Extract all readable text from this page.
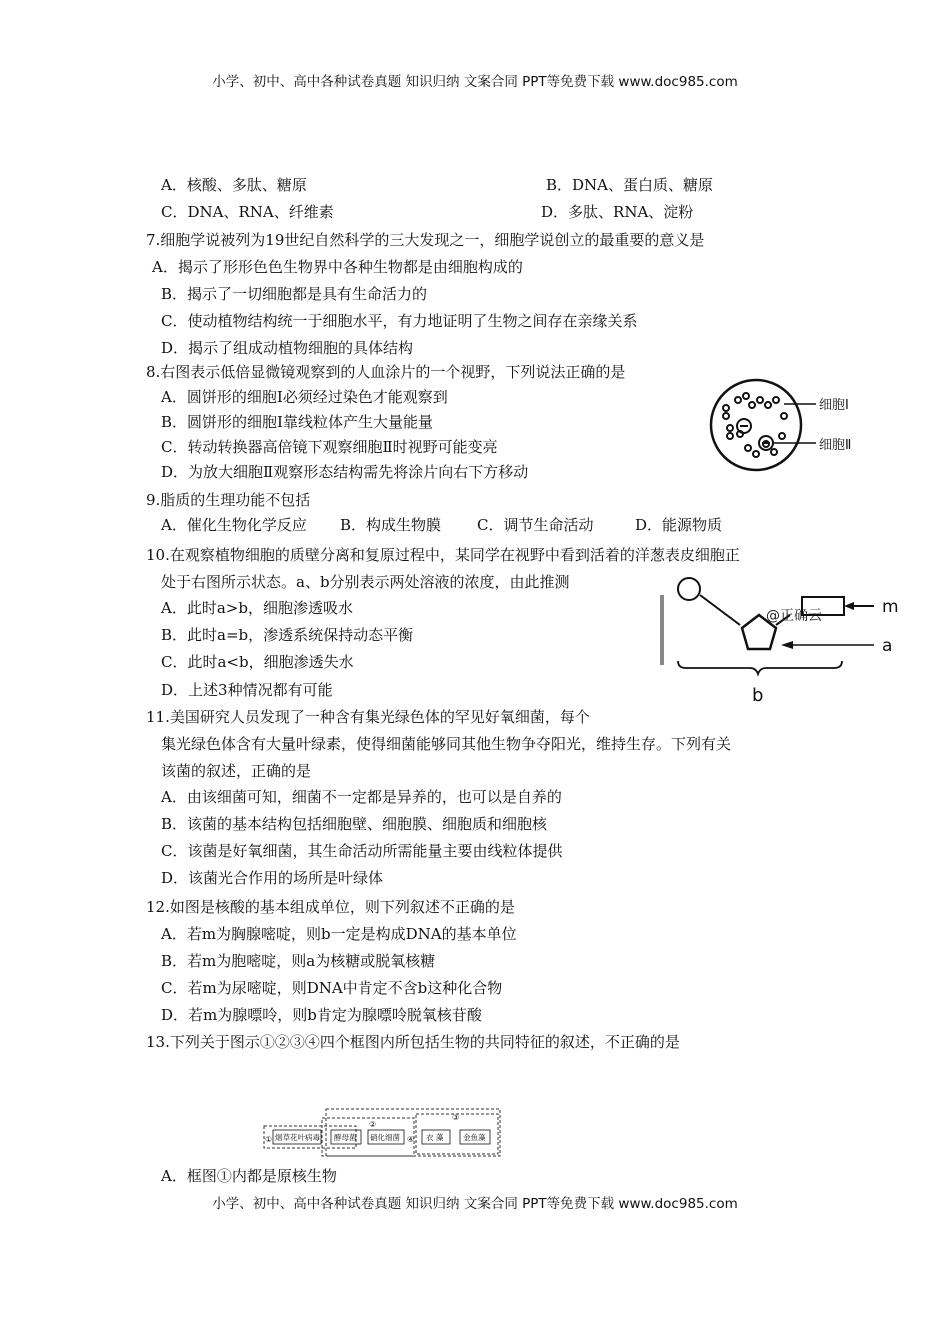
小学、初中、高中各种试卷真题 知识归纳 文案合同 PPT等免费下载 www.doc985.com
A．核酸、多肽、糖原	B．DNA、蛋白质、糖原
C．DNA、RNA、纤维素	D．多肽、RNA、淀粉
7.细胞学说被列为19世纪自然科学的三大发现之一，细胞学说创立的最重要的意义是
A．揭示了形形色色生物界中各种生物都是由细胞构成的
B．揭示了一切细胞都是具有生命活力的
C．使动植物结构统一于细胞水平，有力地证明了生物之间存在亲缘关系
D．揭示了组成动植物细胞的具体结构
8.右图表示低倍显微镜观察到的人血涂片的一个视野，下列说法正确的是
A．圆饼形的细胞Ⅰ必须经过染色才能观察到
B．圆饼形的细胞Ⅰ靠线粒体产生大量能量
C．转动转换器高倍镜下观察细胞Ⅱ时视野可能变亮
D．为放大细胞Ⅱ观察形态结构需先将涂片向右下方移动
细胞Ⅰ
细胞Ⅱ
9.脂质的生理功能不包括
A．催化生物化学反应 B．构成生物膜 C．调节生命活动	D．能源物质
10.在观察植物细胞的质壁分离和复原过程中，某同学在视野中看到活着的洋葱表皮细胞正
处于右图所示状态。a、b分别表示两处溶液的浓度，由此推测
A．此时a>b，细胞渗透吸水
B．此时a=b，渗透系统保持动态平衡
C．此时a<b，细胞渗透失水
D．上述3种情况都有可能
@正确云	m
a
b
11.美国研究人员发现了一种含有集光绿色体的罕见好氧细菌，每个
集光绿色体含有大量叶绿素，使得细菌能够同其他生物争夺阳光，维持生存。下列有关
该菌的叙述，正确的是
A．由该细菌可知，细菌不一定都是异养的，也可以是自养的
B．该菌的基本结构包括细胞壁、细胞膜、细胞质和细胞核
C．该菌是好氧细菌，其生命活动所需能量主要由线粒体提供
D．该菌光合作用的场所是叶绿体
12.如图是核酸的基本组成单位，则下列叙述不正确的是
A．若m为胸腺嘧啶，则b一定是构成DNA的基本单位
B．若m为胞嘧啶，则a为核糖或脱氧核糖
C．若m为尿嘧啶，则DNA中肯定不含b这种化合物
D．若m为腺嘌呤，则b肯定为腺嘌呤脱氧核苷酸
13.下列关于图示①②③④四个框图内所包括生物的共同特征的叙述，不正确的是
①
②
③
④
烟草花叶病毒 酵母菌 硝化细菌	衣 藻	金鱼藻
A．框图①内都是原核生物
小学、初中、高中各种试卷真题 知识归纳 文案合同 PPT等免费下载 www.doc985.com
